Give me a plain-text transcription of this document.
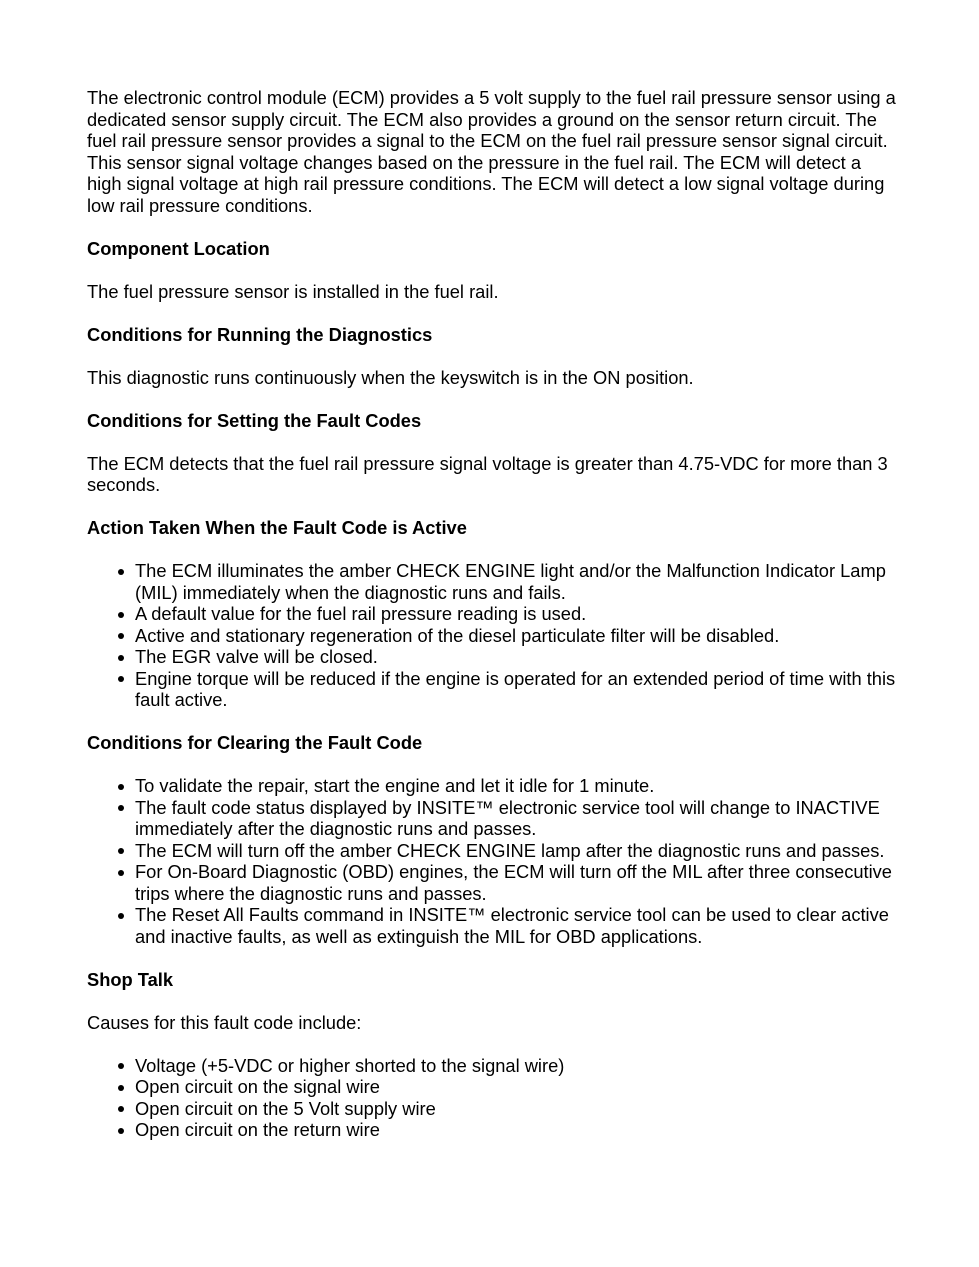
The electronic control module (ECM) provides a 5 volt supply to the fuel rail pressure sensor using a dedicated sensor supply circuit. The ECM also provides a ground on the sensor return circuit. The fuel rail pressure sensor provides a signal to the ECM on the fuel rail pressure sensor signal circuit. This sensor signal voltage changes based on the pressure in the fuel rail. The ECM will detect a high signal voltage at high rail pressure conditions. The ECM will detect a low signal voltage during low rail pressure conditions.

Component Location

The fuel pressure sensor is installed in the fuel rail.

Conditions for Running the Diagnostics

This diagnostic runs continuously when the keyswitch is in the ON position.

Conditions for Setting the Fault Codes

The ECM detects that the fuel rail pressure signal voltage is greater than 4.75-VDC for more than 3 seconds.

Action Taken When the Fault Code is Active
The ECM illuminates the amber CHECK ENGINE light and/or the Malfunction Indicator Lamp (MIL) immediately when the diagnostic runs and fails.
A default value for the fuel rail pressure reading is used.
Active and stationary regeneration of the diesel particulate filter will be disabled.
The EGR valve will be closed.
Engine torque will be reduced if the engine is operated for an extended period of time with this fault active.
Conditions for Clearing the Fault Code
To validate the repair, start the engine and let it idle for 1 minute.
The fault code status displayed by INSITE™ electronic service tool will change to INACTIVE immediately after the diagnostic runs and passes.
The ECM will turn off the amber CHECK ENGINE lamp after the diagnostic runs and passes.
For On-Board Diagnostic (OBD) engines, the ECM will turn off the MIL after three consecutive trips where the diagnostic runs and passes.
The Reset All Faults command in INSITE™ electronic service tool can be used to clear active and inactive faults, as well as extinguish the MIL for OBD applications.
Shop Talk

Causes for this fault code include:

Voltage (+5-VDC or higher shorted to the signal wire)
Open circuit on the signal wire
Open circuit on the 5 Volt supply wire
Open circuit on the return wire
